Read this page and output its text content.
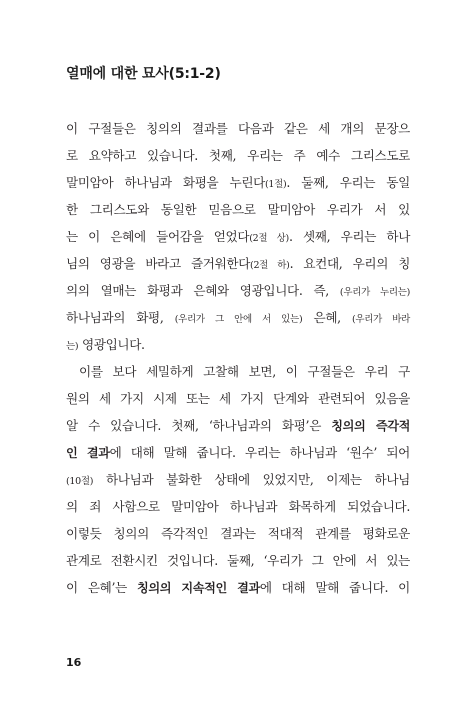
열매에 대한 묘사(5:1-2)
이 구절들은 칭의의 결과를 다음과 같은 세 개의 문장으
로 요약하고 있습니다. 첫째, 우리는 주 예수 그리스도로
말미암아 하나님과 화평을 누린다(1절). 둘째, 우리는 동일
한 그리스도와 동일한 믿음으로 말미암아 우리가 서 있
는 이 은혜에 들어감을 얻었다(2절 상). 셋째, 우리는 하나
님의 영광을 바라고 즐거워한다(2절 하). 요컨대, 우리의 칭
의의 열매는 화평과 은혜와 영광입니다. 즉, (우리가 누리는)
하나님과의 화평, (우리가 그 안에 서 있는) 은혜, (우리가 바라
는) 영광입니다.
이를 보다 세밀하게 고찰해 보면, 이 구절들은 우리 구
원의 세 가지 시제 또는 세 가지 단계와 관련되어 있음을
알 수 있습니다. 첫째, ‘하나님과의 화평’은 칭의의 즉각적
인 결과에 대해 말해 줍니다. 우리는 하나님과 ‘원수’ 되어
(10절) 하나님과 불화한 상태에 있었지만, 이제는 하나님
의 죄 사함으로 말미암아 하나님과 화목하게 되었습니다.
이렇듯 칭의의 즉각적인 결과는 적대적 관계를 평화로운
관계로 전환시킨 것입니다. 둘째, ‘우리가 그 안에 서 있는
이 은혜’는 칭의의 지속적인 결과에 대해 말해 줍니다. 이
16
